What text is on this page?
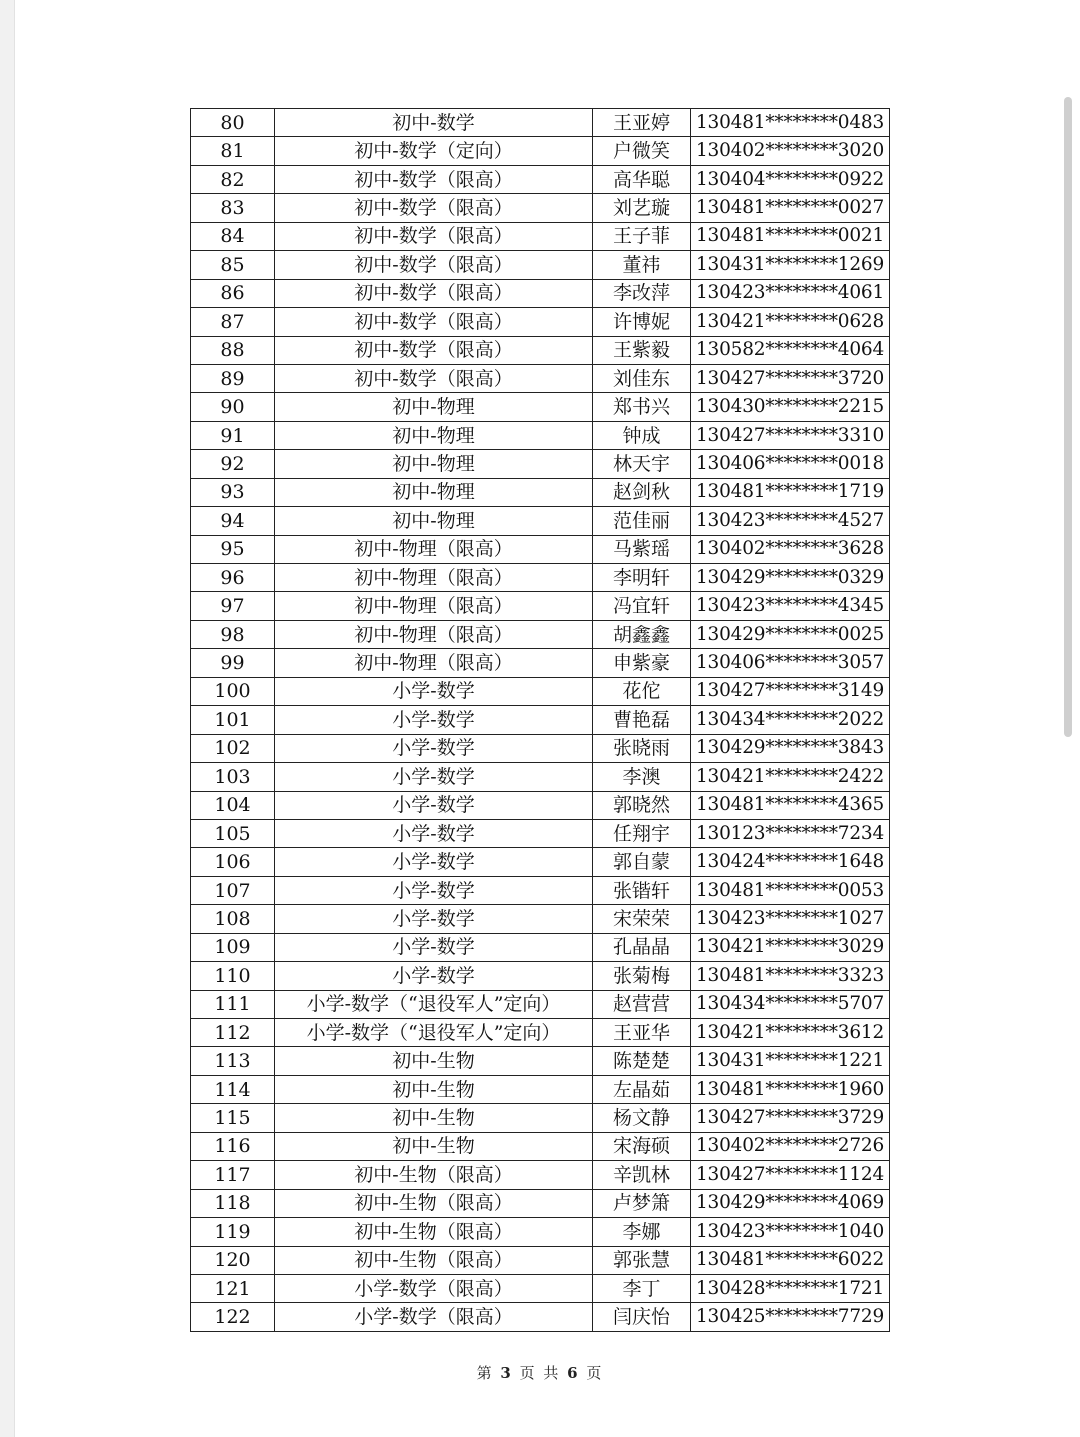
80	初中-数学	王亚婷	130481********0483
81	初中-数学（定向）	户微笑	130402********3020
82	初中-数学（限高）	高华聪	130404********0922
83	初中-数学（限高）	刘艺璇	130481********0027
84	初中-数学（限高）	王子菲	130481********0021
85	初中-数学（限高）	董祎	130431********1269
86	初中-数学（限高）	李改萍	130423********4061
87	初中-数学（限高）	许博妮	130421********0628
88	初中-数学（限高）	王紫毅	130582********4064
89	初中-数学（限高）	刘佳东	130427********3720
90	初中-物理	郑书兴	130430********2215
91	初中-物理	钟成	130427********3310
92	初中-物理	林天宇	130406********0018
93	初中-物理	赵剑秋	130481********1719
94	初中-物理	范佳丽	130423********4527
95	初中-物理（限高）	马紫瑶	130402********3628
96	初中-物理（限高）	李明轩	130429********0329
97	初中-物理（限高）	冯宜轩	130423********4345
98	初中-物理（限高）	胡鑫鑫	130429********0025
99	初中-物理（限高）	申紫豪	130406********3057
100	小学-数学	花佗	130427********3149
101	小学-数学	曹艳磊	130434********2022
102	小学-数学	张晓雨	130429********3843
103	小学-数学	李澳	130421********2422
104	小学-数学	郭晓然	130481********4365
105	小学-数学	任翔宇	130123********7234
106	小学-数学	郭自蒙	130424********1648
107	小学-数学	张锴轩	130481********0053
108	小学-数学	宋荣荣	130423********1027
109	小学-数学	孔晶晶	130421********3029
110	小学-数学	张菊梅	130481********3323
111	小学-数学（“退役军人”定向）	赵营营	130434********5707
112	小学-数学（“退役军人”定向）	王亚华	130421********3612
113	初中-生物	陈楚楚	130431********1221
114	初中-生物	左晶茹	130481********1960
115	初中-生物	杨文静	130427********3729
116	初中-生物	宋海硕	130402********2726
117	初中-生物（限高）	辛凯林	130427********1124
118	初中-生物（限高）	卢梦箫	130429********4069
119	初中-生物（限高）	李娜	130423********1040
120	初中-生物（限高）	郭张慧	130481********6022
121	小学-数学（限高）	李丁	130428********1721
122	小学-数学（限高）	闫庆怡	130425********7729
第 3 页 共 6 页
